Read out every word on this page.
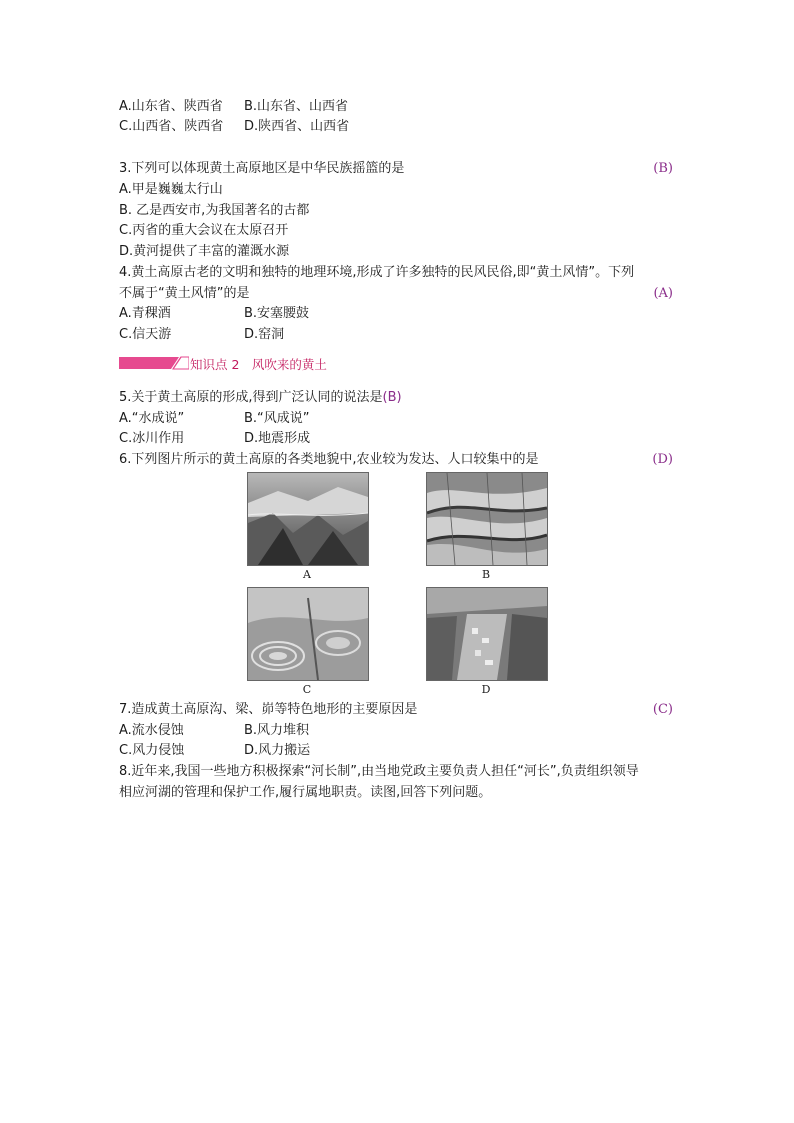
A.山东省、陕西省 B.山东省、山西省
C.山西省、陕西省 D.陕西省、山西省
3.下列可以体现黄土高原地区是中华民族摇篮的是	(B)
A.甲是巍巍太行山
B. 乙是西安市,为我国著名的古都
C.丙省的重大会议在太原召开
D.黄河提供了丰富的灌溉水源
4.黄土高原古老的文明和独特的地理环境,形成了许多独特的民风民俗,即“黄土风情”。下列
不属于“黄土风情”的是	(A)
A.青稞酒	B.安塞腰鼓
C.信天游	D.窑洞
知识点 2　风吹来的黄土
5.关于黄土高原的形成,得到广泛认同的说法是(B)
A.“水成说”	B.“风成说”
C.冰川作用	D.地震形成
6.下列图片所示的黄土高原的各类地貌中,农业较为发达、人口较集中的是	(D)
A	B
C	D
7.造成黄土高原沟、梁、峁等特色地形的主要原因是	(C)
A.流水侵蚀	B.风力堆积
C.风力侵蚀	D.风力搬运
8.近年来,我国一些地方积极探索“河长制”,由当地党政主要负责人担任“河长”,负责组织领导
相应河湖的管理和保护工作,履行属地职责。读图,回答下列问题。
